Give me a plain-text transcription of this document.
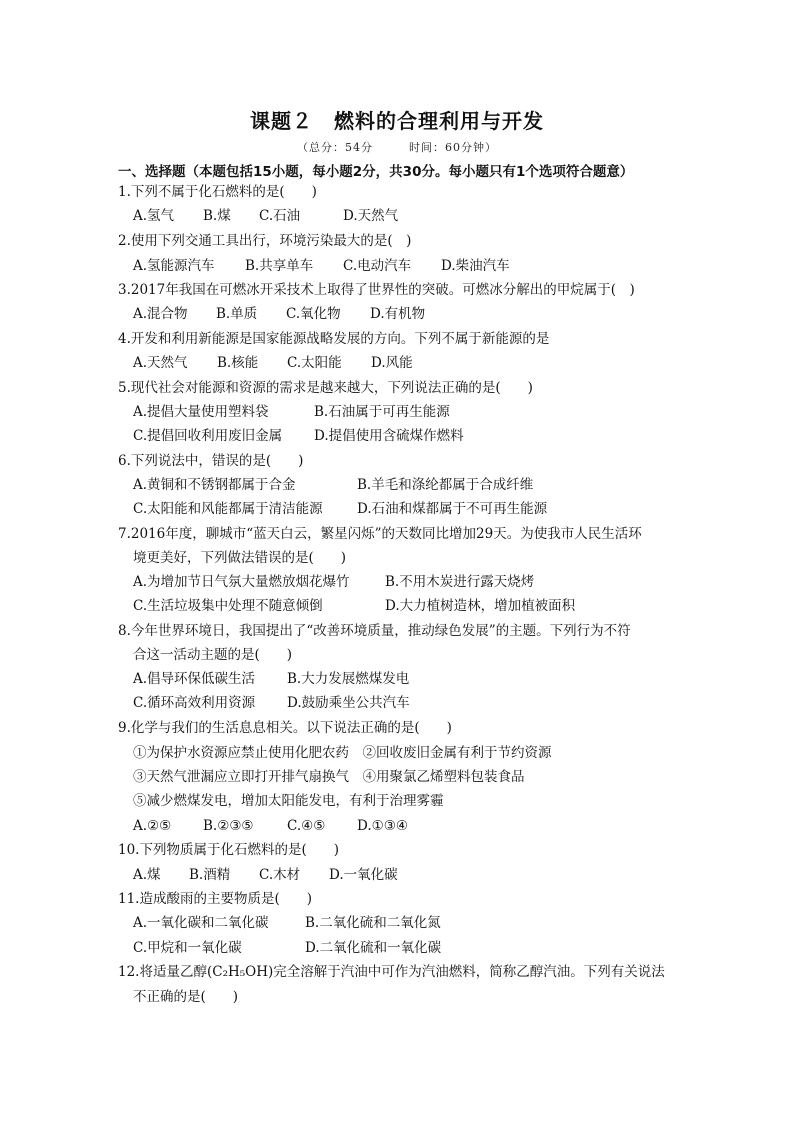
课题２　燃料的合理利用与开发
（总分：54分　　　时间：60分钟）
一、选择题（本题包括15小题，每小题2分，共30分。每小题只有1个选项符合题意）
1.下列不属于化石燃料的是(　　)
A.氢气 B.煤 C.石油	D.天然气
2.使用下列交通工具出行，环境污染最大的是(　)
A.氢能源汽车 B.共享单车 C.电动汽车 D.柴油汽车
3.2017年我国在可燃冰开采技术上取得了世界性的突破。可燃冰分解出的甲烷属于(　)
A.混合物 B.单质 C.氧化物 D.有机物
4.开发和利用新能源是国家能源战略发展的方向。下列不属于新能源的是
A.天然气 B.核能 C.太阳能 D.风能
5.现代社会对能源和资源的需求是越来越大，下列说法正确的是(　　)
A.提倡大量使用塑料袋	B.石油属于可再生能源
C.提倡回收利用废旧金属 D.提倡使用含硫煤作燃料
6.下列说法中，错误的是(　　)
A.黄铜和不锈钢都属于合金	B.羊毛和涤纶都属于合成纤维
C.太阳能和风能都属于清洁能源	D.石油和煤都属于不可再生能源
7.2016年度，聊城市“蓝天白云，繁星闪烁”的天数同比增加29天。为使我市人民生活环
境更美好，下列做法错误的是(　　)
A.为增加节日气氛大量燃放烟花爆竹	B.不用木炭进行露天烧烤
C.生活垃圾集中处理不随意倾倒	D.大力植树造林，增加植被面积
8.今年世界环境日，我国提出了“改善环境质量，推动绿色发展”的主题。下列行为不符
合这一活动主题的是(　　)
A.倡导环保低碳生活 B.大力发展燃煤发电
C.循环高效利用资源 D.鼓励乘坐公共汽车
9.化学与我们的生活息息相关。以下说法正确的是(　　)
①为保护水资源应禁止使用化肥农药　②回收废旧金属有利于节约资源
③天然气泄漏应立即打开排气扇换气　④用聚氯乙烯塑料包装食品
⑤减少燃煤发电，增加太阳能发电，有利于治理雾霾
A.②⑤ B.②③⑤ C.④⑤ D.①③④
10.下列物质属于化石燃料的是(　　)
A.煤 B.酒精 C.木材 D.一氧化碳
11.造成酸雨的主要物质是(　　)
A.一氧化碳和二氧化碳	B.二氧化硫和二氧化氮
C.甲烷和一氧化碳	D.二氧化硫和一氧化碳
12.将适量乙醇(C₂H₅OH)完全溶解于汽油中可作为汽油燃料，简称乙醇汽油。下列有关说法
不正确的是(　　)
